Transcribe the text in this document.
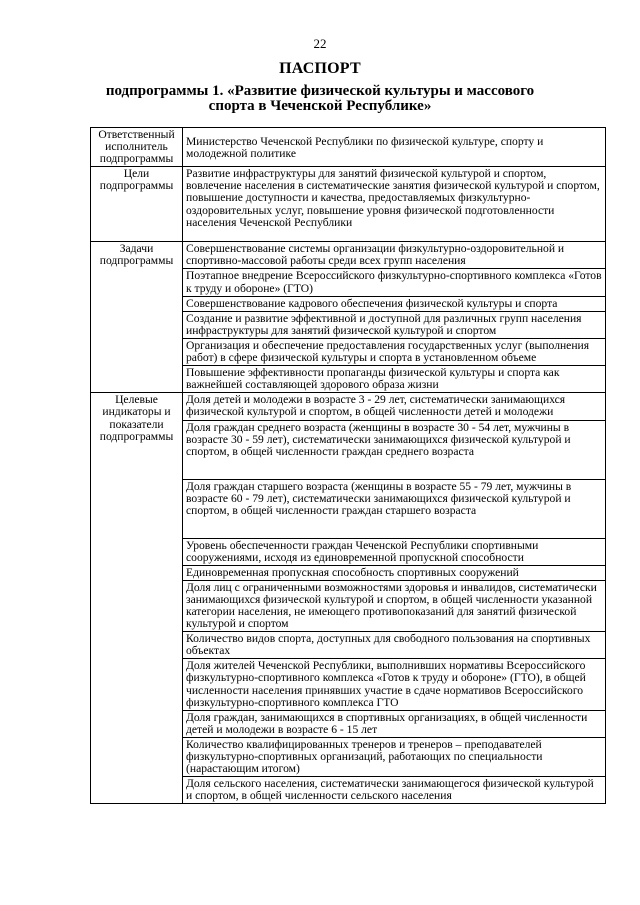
22
ПАСПОРТ
подпрограммы 1. «Развитие физической культуры и массового спорта в Чеченской Республике»
Ответственный исполнитель подпрограммы	Министерство Чеченской Республики по физической культуре, спорту и молодежной политике
Цели подпрограммы	Развитие инфраструктуры для занятий физической культурой и спортом, вовлечение населения в систематические занятия физической культурой и спортом, повышение доступности и качества, предоставляемых физкультурно-оздоровительных услуг, повышение уровня физической подготовленности населения Чеченской Республики
Задачи подпрограммы	Совершенствование системы организации физкультурно-оздоровительной и спортивно-массовой работы среди всех групп населения
	Поэтапное внедрение Всероссийского физкультурно-спортивного комплекса «Готов к труду и обороне» (ГТО)
	Совершенствование кадрового обеспечения физической культуры и спорта
	Создание и развитие эффективной и доступной для различных групп населения инфраструктуры для занятий физической культурой и спортом
	Организация и обеспечение предоставления государственных услуг (выполнения работ) в сфере физической культуры и спорта в установленном объеме
	Повышение эффективности пропаганды физической культуры и спорта как важнейшей составляющей здорового образа жизни
Целевые индикаторы и показатели подпрограммы	Доля детей и молодежи в возрасте 3 - 29 лет, систематически занимающихся физической культурой и спортом, в общей численности детей и молодежи
	Доля граждан среднего возраста (женщины в возрасте 30 - 54 лет, мужчины в возрасте 30 - 59 лет), систематически занимающихся физической культурой и спортом, в общей численности граждан среднего возраста
	Доля граждан старшего возраста (женщины в возрасте 55 - 79 лет, мужчины в возрасте 60 - 79 лет), систематически занимающихся физической культурой и спортом, в общей численности граждан старшего возраста
	Уровень обеспеченности граждан Чеченской Республики спортивными сооружениями, исходя из единовременной пропускной способности
	Единовременная пропускная способность спортивных сооружений
	Доля лиц с ограниченными возможностями здоровья и инвалидов, систематически занимающихся физической культурой и спортом, в общей численности указанной категории населения, не имеющего противопоказаний для занятий физической культурой и спортом
	Количество видов спорта, доступных для свободного пользования на спортивных объектах
	Доля жителей Чеченской Республики, выполнивших нормативы Всероссийского физкультурно-спортивного комплекса «Готов к труду и обороне» (ГТО), в общей численности населения принявших участие в сдаче нормативов Всероссийского физкультурно-спортивного комплекса ГТО
	Доля граждан, занимающихся в спортивных организациях, в общей численности детей и молодежи в возрасте 6 - 15 лет
	Количество квалифицированных тренеров и тренеров – преподавателей физкультурно-спортивных организаций, работающих по специальности (нарастающим итогом)
	Доля сельского населения, систематически занимающегося физической культурой и спортом, в общей численности сельского населения
